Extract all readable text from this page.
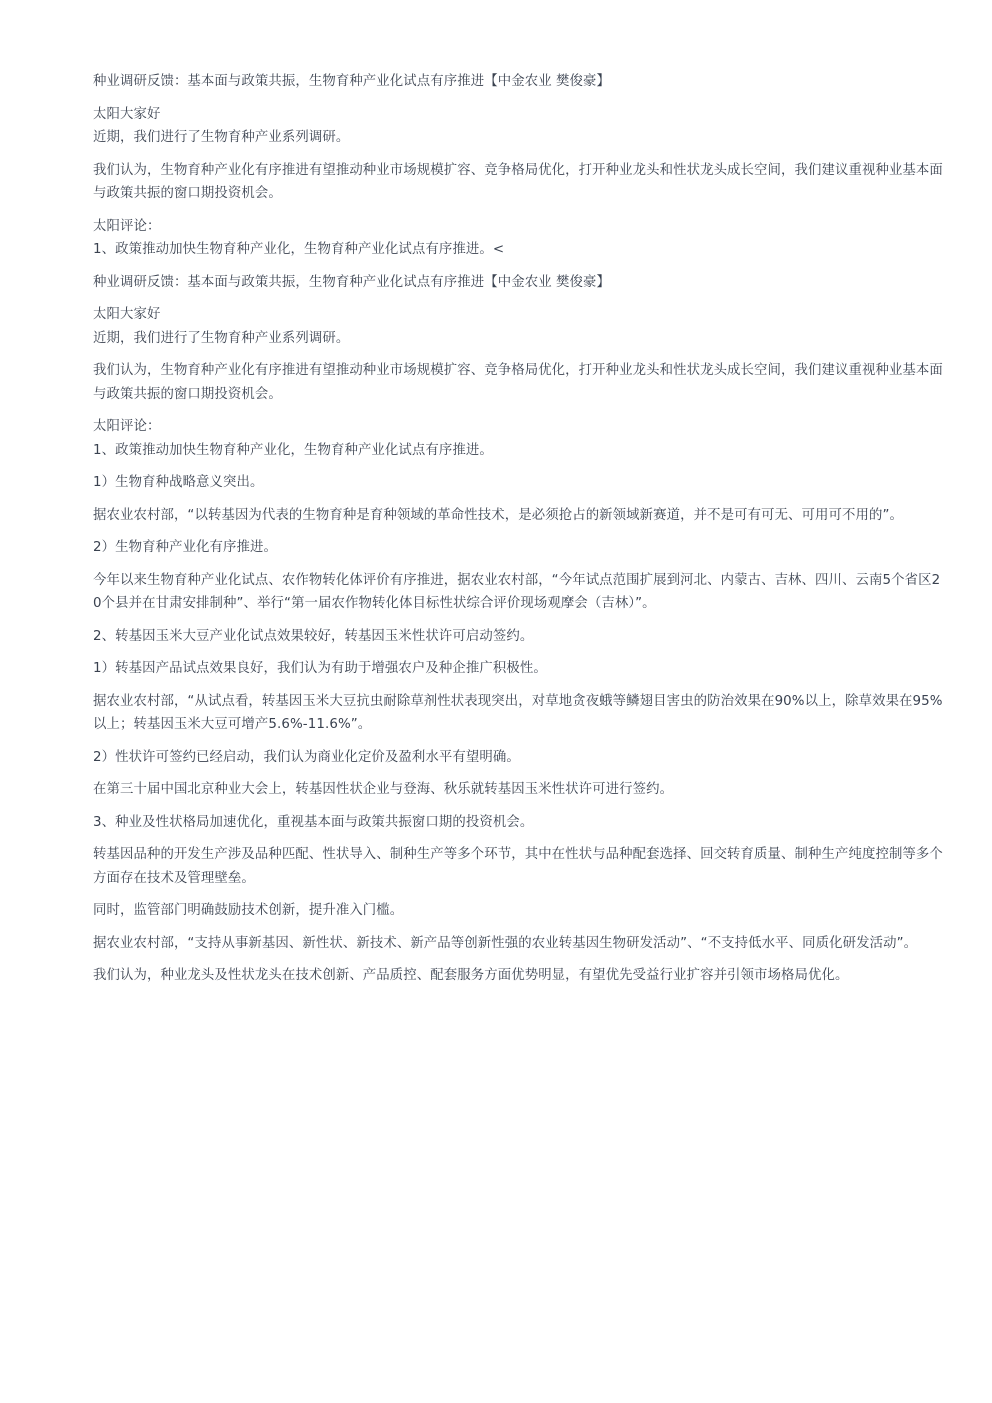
种业调研反馈：基本面与政策共振，生物育种产业化试点有序推进【中金农业 樊俊豪】

太阳大家好

近期，我们进行了生物育种产业系列调研。

我们认为，生物育种产业化有序推进有望推动种业市场规模扩容、竞争格局优化，打开种业龙头和性状龙头成长空间，我们建议重视种业基本面与政策共振的窗口期投资机会。

太阳评论：

1、政策推动加快生物育种产业化，生物育种产业化试点有序推进。<

种业调研反馈：基本面与政策共振，生物育种产业化试点有序推进【中金农业 樊俊豪】

太阳大家好

近期，我们进行了生物育种产业系列调研。

我们认为，生物育种产业化有序推进有望推动种业市场规模扩容、竞争格局优化，打开种业龙头和性状龙头成长空间，我们建议重视种业基本面与政策共振的窗口期投资机会。

太阳评论：

1、政策推动加快生物育种产业化，生物育种产业化试点有序推进。

1）生物育种战略意义突出。

据农业农村部，“以转基因为代表的生物育种是育种领域的革命性技术，是必须抢占的新领域新赛道，并不是可有可无、可用可不用的”。

2）生物育种产业化有序推进。

今年以来生物育种产业化试点、农作物转化体评价有序推进，据农业农村部，“今年试点范围扩展到河北、内蒙古、吉林、四川、云南5个省区20个县并在甘肃安排制种”、举行“第一届农作物转化体目标性状综合评价现场观摩会（吉林）”。

2、转基因玉米大豆产业化试点效果较好，转基因玉米性状许可启动签约。

1）转基因产品试点效果良好，我们认为有助于增强农户及种企推广积极性。

据农业农村部，“从试点看，转基因玉米大豆抗虫耐除草剂性状表现突出，对草地贪夜蛾等鳞翅目害虫的防治效果在90%以上，除草效果在95%以上；转基因玉米大豆可增产5.6%-11.6%”。

2）性状许可签约已经启动，我们认为商业化定价及盈利水平有望明确。

在第三十届中国北京种业大会上，转基因性状企业与登海、秋乐就转基因玉米性状许可进行签约。

3、种业及性状格局加速优化，重视基本面与政策共振窗口期的投资机会。

转基因品种的开发生产涉及品种匹配、性状导入、制种生产等多个环节，其中在性状与品种配套选择、回交转育质量、制种生产纯度控制等多个方面存在技术及管理壁垒。

同时，监管部门明确鼓励技术创新，提升准入门槛。

据农业农村部，“支持从事新基因、新性状、新技术、新产品等创新性强的农业转基因生物研发活动”、“不支持低水平、同质化研发活动”。

我们认为，种业龙头及性状龙头在技术创新、产品质控、配套服务方面优势明显，有望优先受益行业扩容并引领市场格局优化。
